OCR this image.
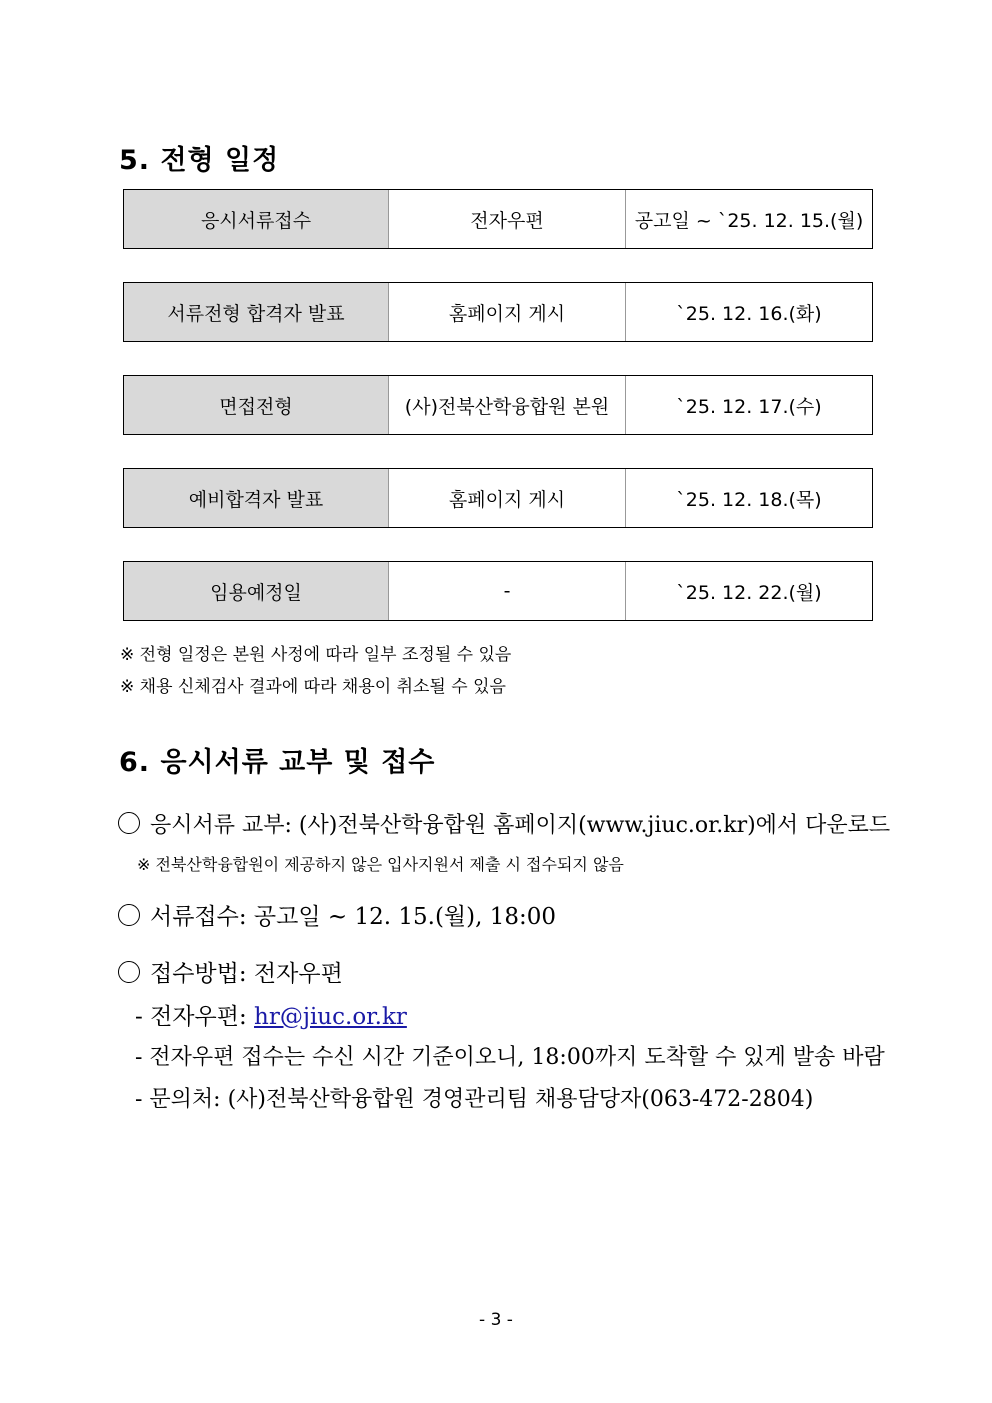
5. 전형 일정
응시서류접수	전자우편	공고일 ~ `25. 12. 15.(월)
서류전형 합격자 발표	홈페이지 게시	`25. 12. 16.(화)
면접전형	(사)전북산학융합원 본원	`25. 12. 17.(수)
예비합격자 발표	홈페이지 게시	`25. 12. 18.(목)
임용예정일	-	`25. 12. 22.(월)
※ 전형 일정은 본원 사정에 따라 일부 조정될 수 있음
※ 채용 신체검사 결과에 따라 채용이 취소될 수 있음
6. 응시서류 교부 및 접수
응시서류 교부: (사)전북산학융합원 홈페이지(www.jiuc.or.kr)에서 다운로드
※ 전북산학융합원이 제공하지 않은 입사지원서 제출 시 접수되지 않음
서류접수: 공고일 ~ 12. 15.(월), 18:00
접수방법: 전자우편
- 전자우편: hr@jiuc.or.kr
- 전자우편 접수는 수신 시간 기준이오니, 18:00까지 도착할 수 있게 발송 바람
- 문의처: (사)전북산학융합원 경영관리팀 채용담당자(063-472-2804)
- 3 -
